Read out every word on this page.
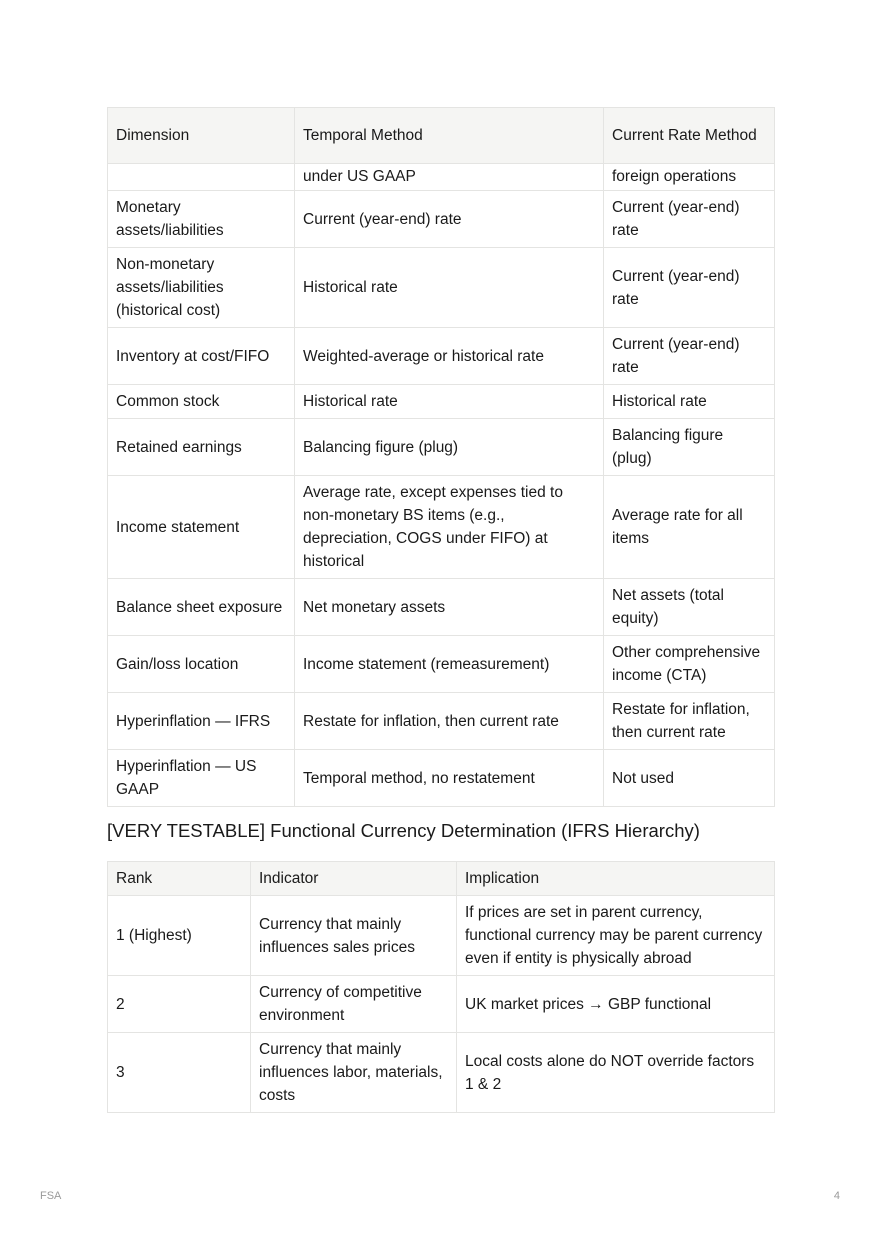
Dimension	Temporal Method	Current Rate Method
	under US GAAP	foreign operations
Monetary assets/liabilities	Current (year-end) rate	Current (year-end) rate
Non-monetary assets/liabilities (historical cost)	Historical rate	Current (year-end) rate
Inventory at cost/FIFO	Weighted-average or historical rate	Current (year-end) rate
Common stock	Historical rate	Historical rate
Retained earnings	Balancing figure (plug)	Balancing figure (plug)
Income statement	Average rate, except expenses tied to non-monetary BS items (e.g., depreciation, COGS under FIFO) at historical	Average rate for all items
Balance sheet exposure	Net monetary assets	Net assets (total equity)
Gain/loss location	Income statement (remeasurement)	Other comprehensive income (CTA)
Hyperinflation — IFRS	Restate for inflation, then current rate	Restate for inflation, then current rate
Hyperinflation — US GAAP	Temporal method, no restatement	Not used
[VERY TESTABLE] Functional Currency Determination (IFRS Hierarchy)
Rank	Indicator	Implication
1 (Highest)	Currency that mainly influences sales prices	If prices are set in parent currency, functional currency may be parent currency even if entity is physically abroad
2	Currency of competitive environment	UK market prices → GBP functional
3	Currency that mainly influences labor, materials, costs	Local costs alone do NOT override factors 1 & 2
FSA	4
